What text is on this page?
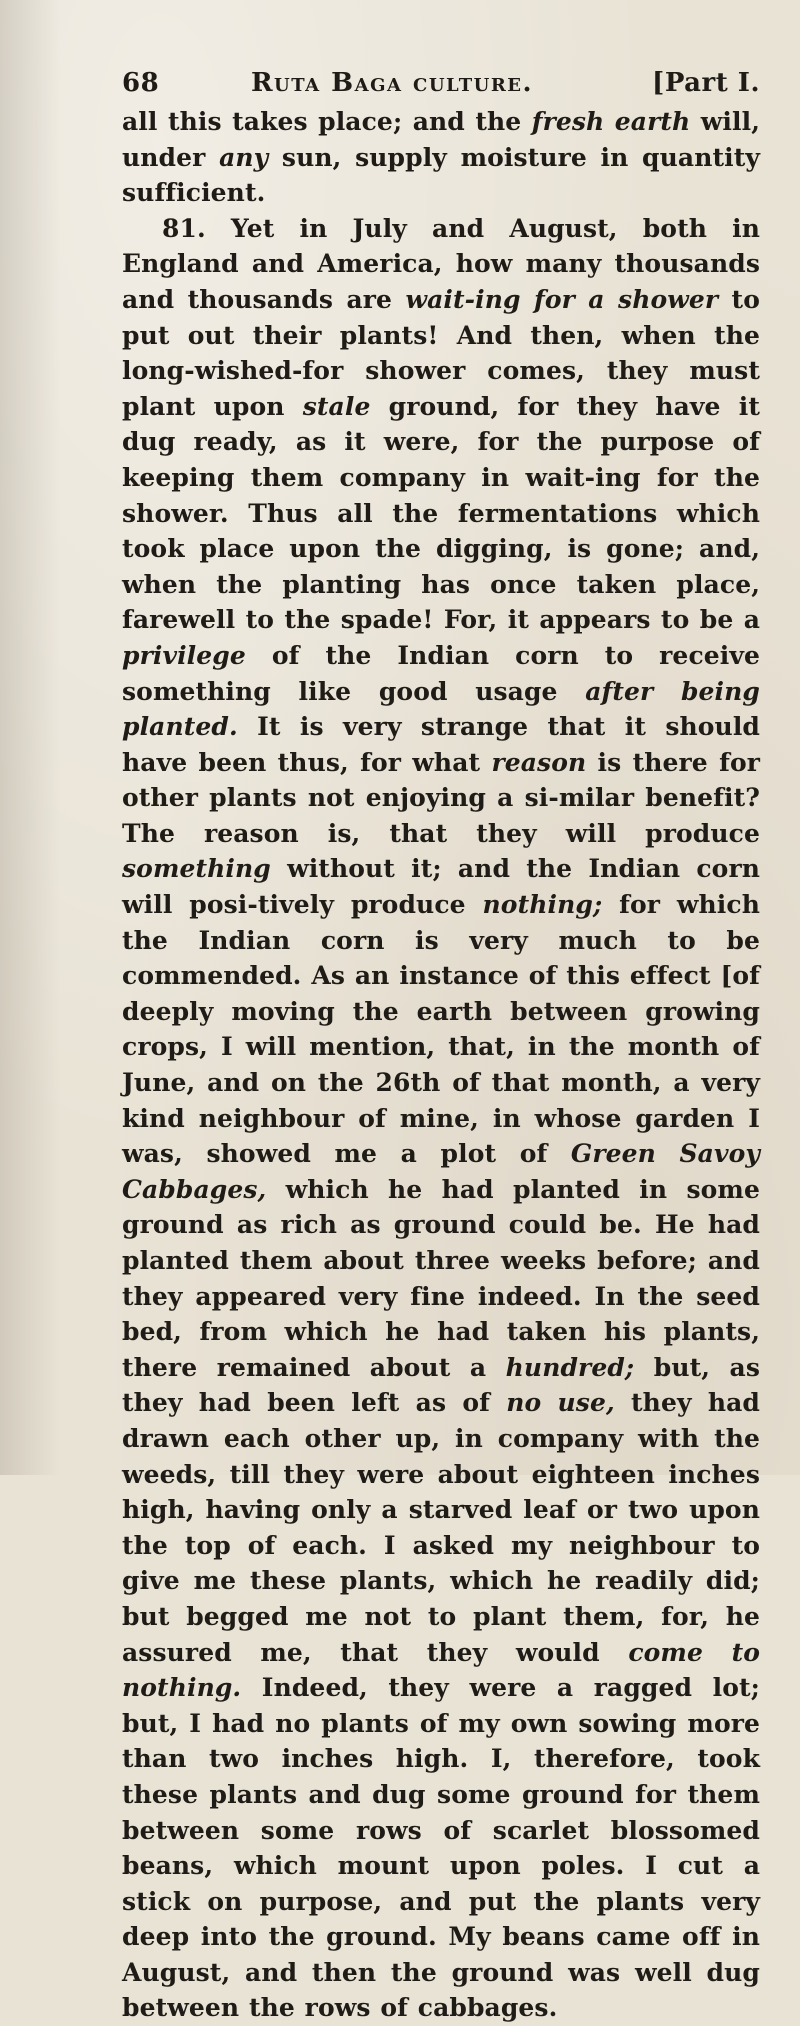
68	Ruta Baga culture.	[Part I.

all this takes place; and the fresh earth will, under any sun, supply moisture in quantity sufficient.

81. Yet in July and August, both in England and America, how many thousands and thousands are wait-ing for a shower to put out their plants! And then, when the long-wished-for shower comes, they must plant upon stale ground, for they have it dug ready, as it were, for the purpose of keeping them company in wait-ing for the shower. Thus all the fermentations which took place upon the digging, is gone; and, when the planting has once taken place, farewell to the spade! For, it appears to be a privilege of the Indian corn to receive something like good usage after being planted. It is very strange that it should have been thus, for what reason is there for other plants not enjoying a si-milar benefit? The reason is, that they will produce something without it; and the Indian corn will posi-tively produce nothing; for which the Indian corn is very much to be commended. As an instance of this effect [of deeply moving the earth between growing crops, I will mention, that, in the month of June, and on the 26th of that month, a very kind neighbour of mine, in whose garden I was, showed me a plot of Green Savoy Cabbages, which he had planted in some ground as rich as ground could be. He had planted them about three weeks before; and they appeared very fine indeed. In the seed bed, from which he had taken his plants, there remained about a hundred; but, as they had been left as of no use, they had drawn each other up, in company with the weeds, till they were about eighteen inches high, having only a starved leaf or two upon the top of each. I asked my neighbour to give me these plants, which he readily did; but begged me not to plant them, for, he assured me, that they would come to nothing. Indeed, they were a ragged lot; but, I had no plants of my own sowing more than two inches high. I, therefore, took these plants and dug some ground for them between some rows of scarlet blossomed beans, which mount upon poles. I cut a stick on purpose, and put the plants very deep into the ground. My beans came off in August, and then the ground was well dug between the rows of cabbages.
